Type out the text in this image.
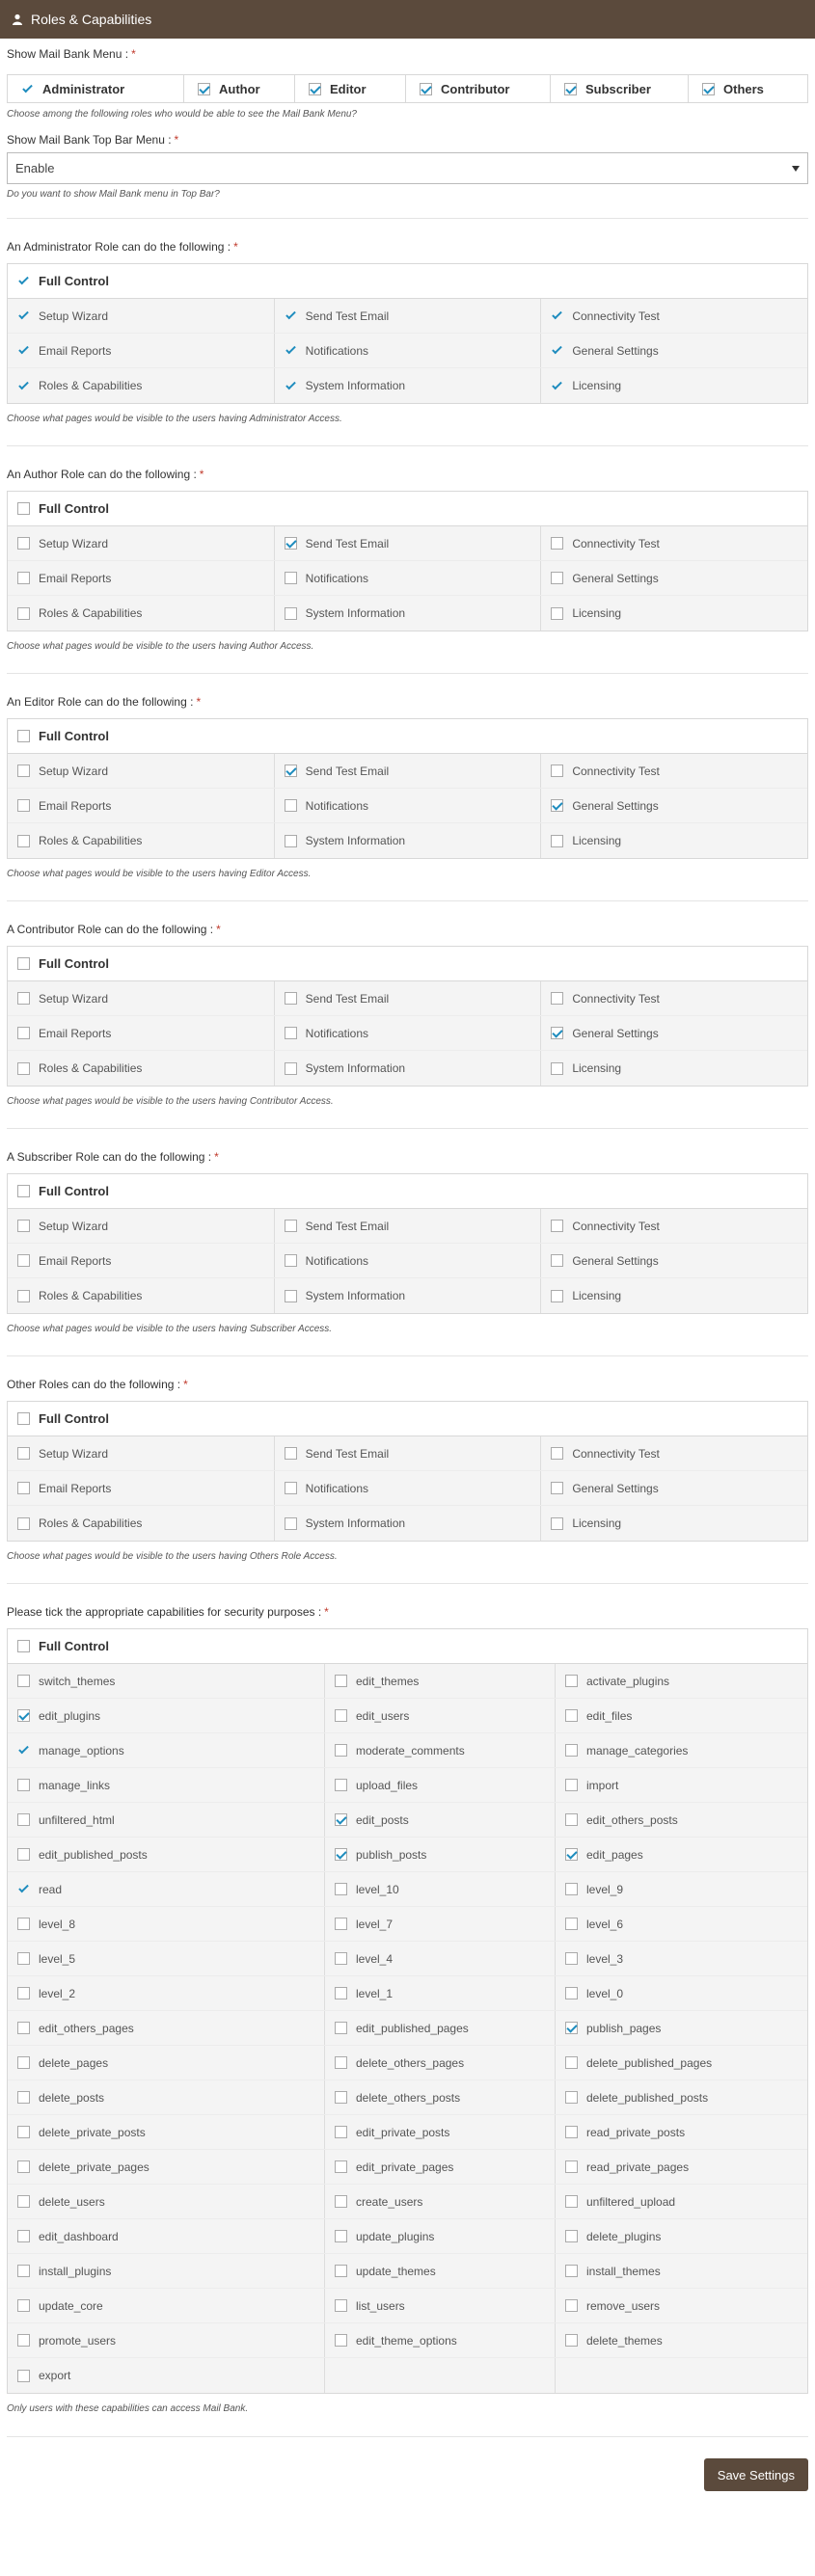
Roles & Capabilities
Show Mail Bank Menu : *
Administrator	Author	Editor	Contributor	Subscriber	Others
Choose among the following roles who would be able to see the Mail Bank Menu?
Show Mail Bank Top Bar Menu : *
Enable
Do you want to show Mail Bank menu in Top Bar?
An Administrator Role can do the following : *
Full Control
Setup Wizard	Send Test Email	Connectivity Test
Email Reports	Notifications	General Settings
Roles & Capabilities	System Information	Licensing
Choose what pages would be visible to the users having Administrator Access.
An Author Role can do the following : *
Full Control
Setup Wizard	Send Test Email	Connectivity Test
Email Reports	Notifications	General Settings
Roles & Capabilities	System Information	Licensing
Choose what pages would be visible to the users having Author Access.
An Editor Role can do the following : *
Full Control
Setup Wizard	Send Test Email	Connectivity Test
Email Reports	Notifications	General Settings
Roles & Capabilities	System Information	Licensing
Choose what pages would be visible to the users having Editor Access.
A Contributor Role can do the following : *
Full Control
Setup Wizard	Send Test Email	Connectivity Test
Email Reports	Notifications	General Settings
Roles & Capabilities	System Information	Licensing
Choose what pages would be visible to the users having Contributor Access.
A Subscriber Role can do the following : *
Full Control
Setup Wizard	Send Test Email	Connectivity Test
Email Reports	Notifications	General Settings
Roles & Capabilities	System Information	Licensing
Choose what pages would be visible to the users having Subscriber Access.
Other Roles can do the following : *
Full Control
Setup Wizard	Send Test Email	Connectivity Test
Email Reports	Notifications	General Settings
Roles & Capabilities	System Information	Licensing
Choose what pages would be visible to the users having Others Role Access.
Please tick the appropriate capabilities for security purposes : *
Full Control
switch_themes	edit_themes	activate_plugins
edit_plugins	edit_users	edit_files
manage_options	moderate_comments	manage_categories
manage_links	upload_files	import
unfiltered_html	edit_posts	edit_others_posts
edit_published_posts	publish_posts	edit_pages
read	level_10	level_9
level_8	level_7	level_6
level_5	level_4	level_3
level_2	level_1	level_0
edit_others_pages	edit_published_pages	publish_pages
delete_pages	delete_others_pages	delete_published_pages
delete_posts	delete_others_posts	delete_published_posts
delete_private_posts	edit_private_posts	read_private_posts
delete_private_pages	edit_private_pages	read_private_pages
delete_users	create_users	unfiltered_upload
edit_dashboard	update_plugins	delete_plugins
install_plugins	update_themes	install_themes
update_core	list_users	remove_users
promote_users	edit_theme_options	delete_themes
export
Only users with these capabilities can access Mail Bank.
Save Settings
